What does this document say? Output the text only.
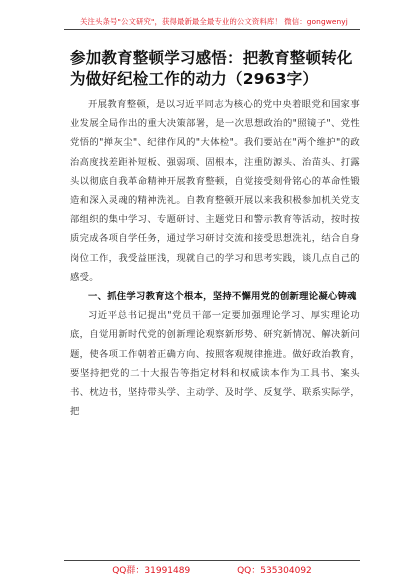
关注头条号"公文研究"，获得最新最全最专业的公文资料库！ 微信：gongwenyj
参加教育整顿学习感悟：把教育整顿转化为做好纪检工作的动力（2963字）

开展教育整顿，是以习近平同志为核心的党中央着眼党和国家事业发展全局作出的重大决策部署，是一次思想政治的"照镜子"、党性党悟的"掸灰尘"、纪律作风的"大体检"。我们要站在"两个维护"的政治高度找差距补短板、强弱项、固根本，注重防源头、治苗头、打露头以彻底自我革命精神开展教育整顿，自觉接受刻骨铭心的革命性锻造和深入灵魂的精神洗礼。自教育整顿开展以来我积极参加机关党支部组织的集中学习、专题研讨、主题党日和警示教育等活动，按时按质完成各项自学任务，通过学习研讨交流和接受思想洗礼，结合自身岗位工作，我受益匪浅，现就自己的学习和思考实践，谈几点自己的感受。

一、抓住学习教育这个根本，坚持不懈用党的创新理论凝心铸魂

习近平总书记提出"党员干部一定要加强理论学习、厚实理论功底，自觉用新时代党的创新理论观察新形势、研究新情况、解决新问题，使各项工作朝着正确方向、按照客观规律推进。做好政治教育，要坚持把党的二十大报告等指定材料和权威读本作为工具书、案头书、枕边书，坚持带头学、主动学、及时学、反复学、联系实际学，把

QQ群：31991489	QQ：535304092
